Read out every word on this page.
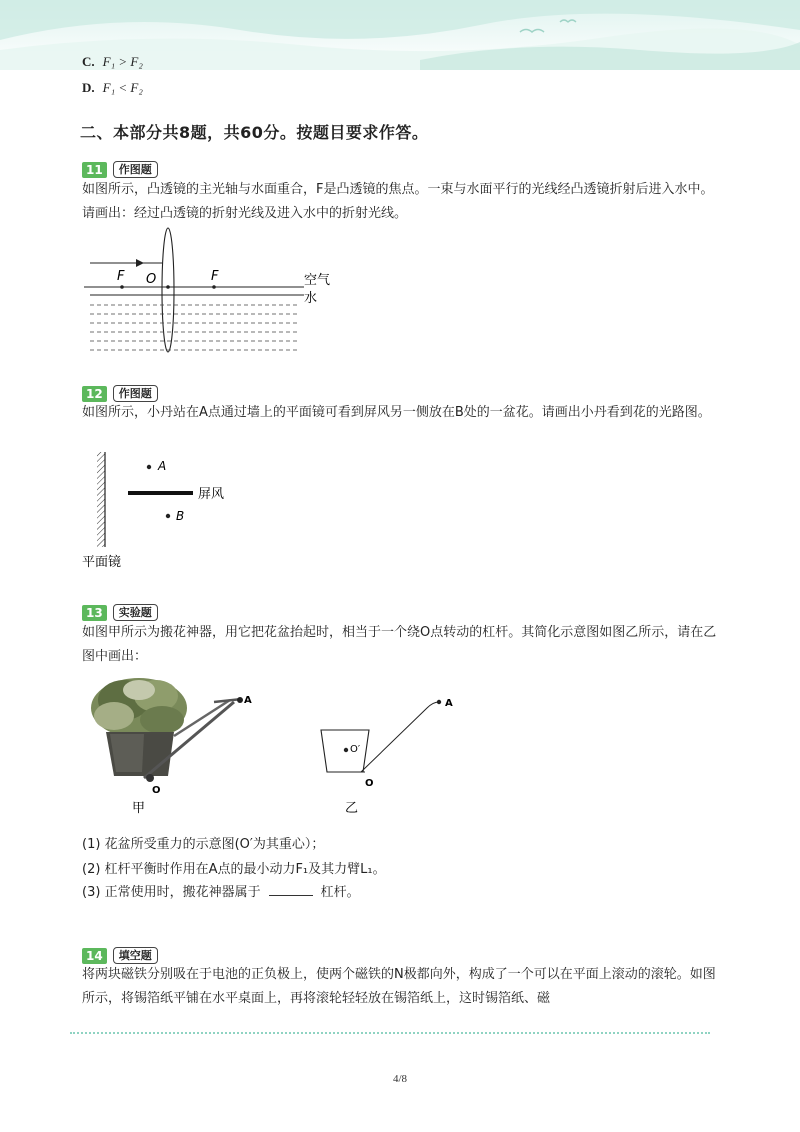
C. F₁ > F₂
D. F₁ < F₂
二、本部分共8题，共60分。按题目要求作答。
11 作图题
如图所示，凸透镜的主光轴与水面重合，F是凸透镜的焦点。一束与水面平行的光线经凸透镜折射后进入水中。请画出：经过凸透镜的折射光线及进入水中的折射光线。
F O	F	空气
水
12 作图题
如图所示，小丹站在A点通过墙上的平面镜可看到屏风另一侧放在B处的一盆花。请画出小丹看到花的光路图。
A
屏风
B
平面镜
13 实验题
如图甲所示为搬花神器，用它把花盆抬起时，相当于一个绕O点转动的杠杆。其简化示意图如图乙所示，请在乙图中画出：
A
O
甲
O′
A
O
乙
(1) 花盆所受重力的示意图(O′为其重心）；
(2) 杠杆平衡时作用在A点的最小动力F₁及其力臂L₁。
(3) 正常使用时，搬花神器属于	杠杆。
14 填空题
将两块磁铁分别吸在于电池的正负极上，使两个磁铁的N极都向外，构成了一个可以在平面上滚动的滚轮。如图所示，将锡箔纸平铺在水平桌面上，再将滚轮轻轻放在锡箔纸上，这时锡箔纸、磁
4/8
